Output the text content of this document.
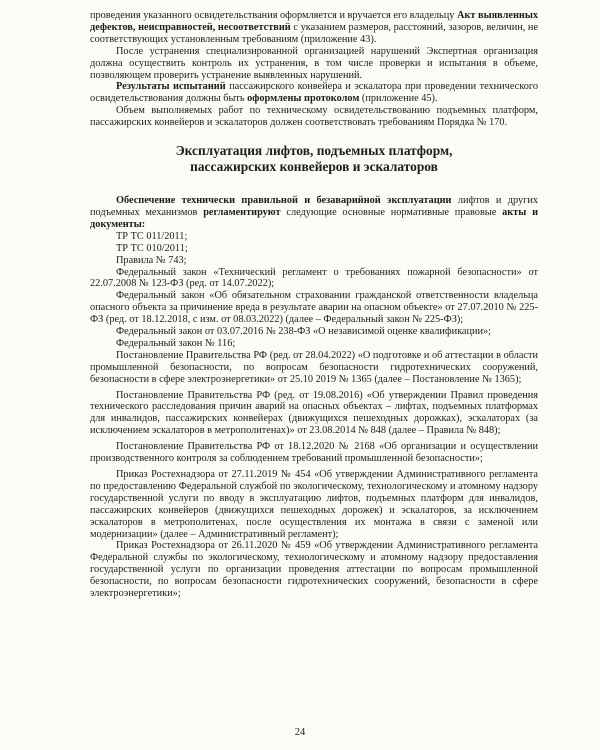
проведения указанного освидетельствания оформляется и вручается его владельцу Акт выявленных дефектов, неисправностей, несоответствий с указанием размеров, расстояний, зазоров, величин, не соответствующих установленным требованиям (приложение 43).

После устранения специализированной организацией нарушений Экспертная организация должна осуществить контроль их устранения, в том числе проверки и испытания в объеме, позволяющем проверить устранение выявленных нарушений.

Результаты испытаний пассажирского конвейера и эскалатора при проведении технического освидетельствования должны быть оформлены протоколом (приложение 45).

Объем выполняемых работ по техническому освидетельствованию подъемных платформ, пассажирских конвейеров и эскалаторов должен соответствовать требованиям Порядка № 170.

Эксплуатация лифтов, подъемных платформ,
пассажирских конвейеров и эскалаторов

Обеспечение технически правильной и безаварийной эксплуатации лифтов и других подъемных механизмов регламентируют следующие основные нормативные правовые акты и документы:

ТР ТС 011/2011;

ТР ТС 010/2011;

Правила № 743;

Федеральный закон «Технический регламент о требованиях пожарной безопасности» от 22.07.2008 № 123-ФЗ (ред. от 14.07.2022);

Федеральный закон «Об обязательном страховании гражданской ответственности владельца опасного объекта за причинение вреда в результате аварии на опасном объекте» от 27.07.2010 № 225-ФЗ (ред. от 18.12.2018, с изм. от 08.03.2022) (далее – Федеральный закон № 225-ФЗ);

Федеральный закон от 03.07.2016 № 238-ФЗ «О независимой оценке квалификации»;

Федеральный закон № 116;

Постановление Правительства РФ (ред. от 28.04.2022) «О подготовке и об аттестации в области промышленной безопасности, по вопросам безопасности гидротехнических сооружений, безопасности в сфере электроэнергетики» от 25.10 2019 № 1365 (далее – Постановление № 1365);

Постановление Правительства РФ (ред. от 19.08.2016) «Об утверждении Правил проведения технического расследования причин аварий на опасных объектах – лифтах, подъемных платформах для инвалидов, пассажирских конвейерах (движущихся пешеходных дорожках), эскалаторах (за исключением эскалаторов в метрополитенах)» от 23.08.2014 № 848 (далее – Правила № 848);

Постановление Правительства РФ от 18.12.2020 № 2168 «Об организации и осуществлении производственного контроля за соблюдением требований промышленной безопасности»;

Приказ Ростехнадзора от 27.11.2019 № 454 «Об утверждении Административного регламента по предоставлению Федеральной службой по экологическому, технологическому и атомному надзору государственной услуги по вводу в эксплуатацию лифтов, подъемных платформ для инвалидов, пассажирских конвейеров (движущихся пешеходных дорожек) и эскалаторов, за исключением эскалаторов в метрополитенах, после осуществления их монтажа в связи с заменой или модернизации» (далее – Административный регламент);

Приказ Ростехнадзора от 26.11.2020 № 459 «Об утверждении Административного регламента Федеральной службы по экологическому, технологическому и атомному надзору предоставления государственной услуги по организации проведения аттестации по вопросам промышленной безопасности, по вопросам безопасности гидротехнических сооружений, безопасности в сфере электроэнергетики»;

24
